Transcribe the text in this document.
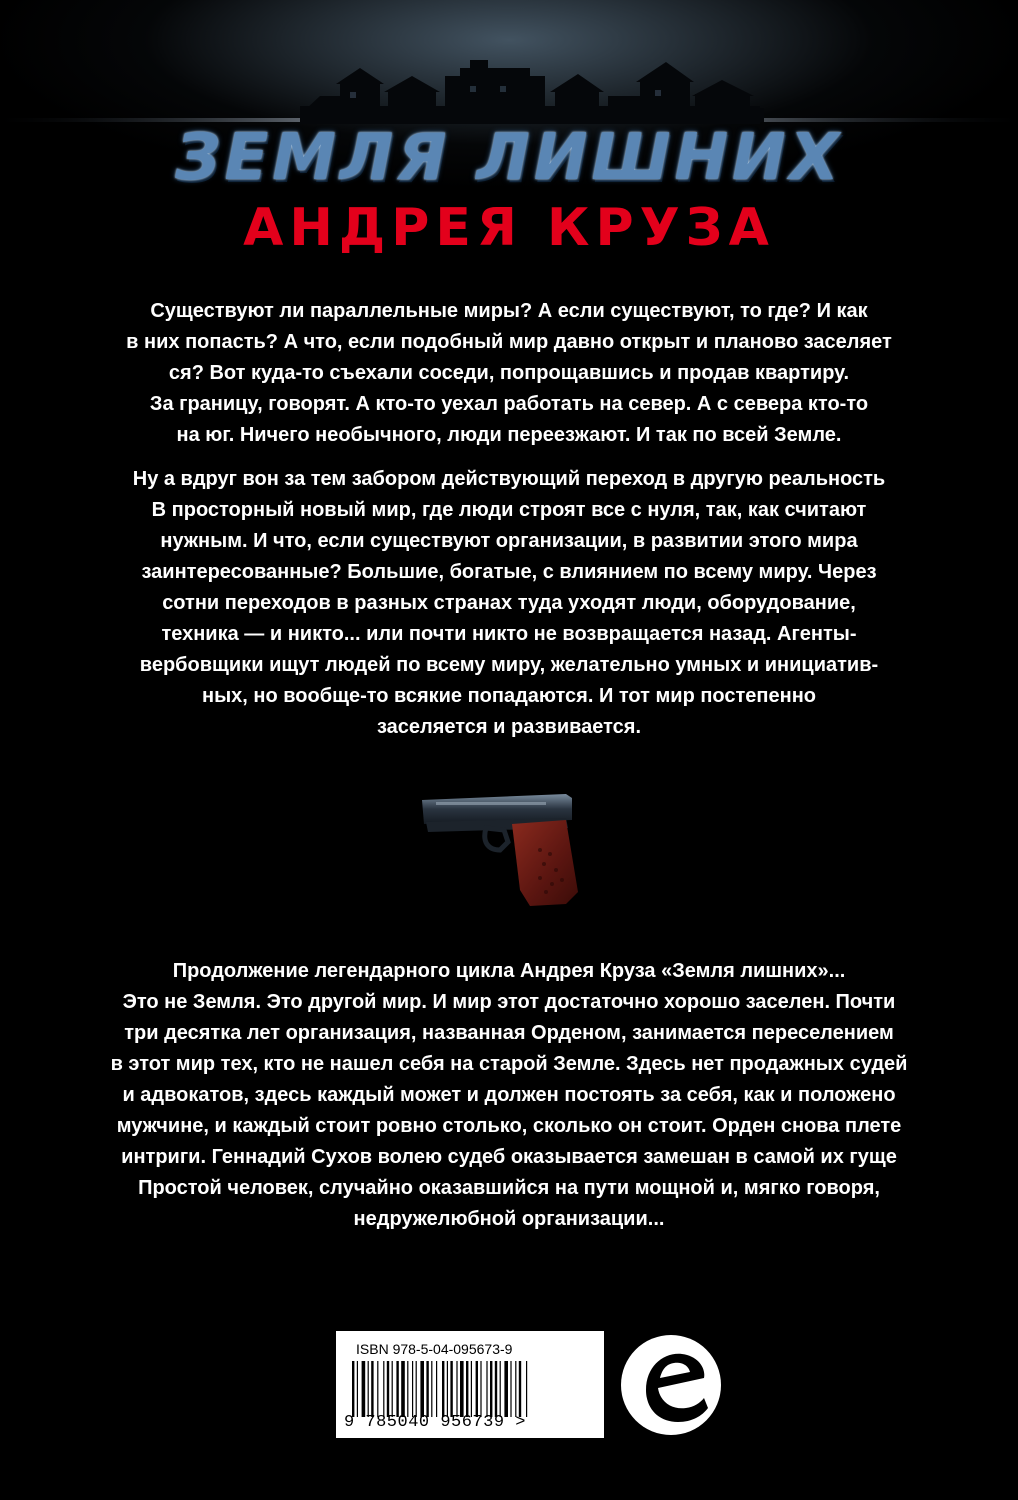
ЗЕМЛЯ ЛИШНИХ
АНДРЕЯ КРУЗА
Существуют ли параллельные миры? А если существуют, то где? И как
в них попасть? А что, если подобный мир давно открыт и планово заселяет
ся? Вот куда-то съехали соседи, попрощавшись и продав квартиру.
За границу, говорят. А кто-то уехал работать на север. А с севера кто-то
на юг. Ничего необычного, люди переезжают. И так по всей Земле.
Ну а вдруг вон за тем забором действующий переход в другую реальность
В просторный новый мир, где люди строят все с нуля, так, как считают
нужным. И что, если существуют организации, в развитии этого мира
заинтересованные? Большие, богатые, с влиянием по всему миру. Через
сотни переходов в разных странах туда уходят люди, оборудование,
техника — и никто... или почти никто не возвращается назад. Агенты-
вербовщики ищут людей по всему миру, желательно умных и инициатив-
ных, но вообще-то всякие попадаются. И тот мир постепенно
заселяется и развивается.
Продолжение легендарного цикла Андрея Круза «Земля лишних»...
Это не Земля. Это другой мир. И мир этот достаточно хорошо заселен. Почти
три десятка лет организация, названная Орденом, занимается переселением
в этот мир тех, кто не нашел себя на старой Земле. Здесь нет продажных судей
и адвокатов, здесь каждый может и должен постоять за себя, как и положено
мужчине, и каждый стоит ровно столько, сколько он стоит. Орден снова плете
интриги. Геннадий Сухов волею судеб оказывается замешан в самой их гуще
Простой человек, случайно оказавшийся на пути мощной и, мягко говоря,
недружелюбной организации...
ISBN 978-5-04-095673-9
9 785040 956739 >
